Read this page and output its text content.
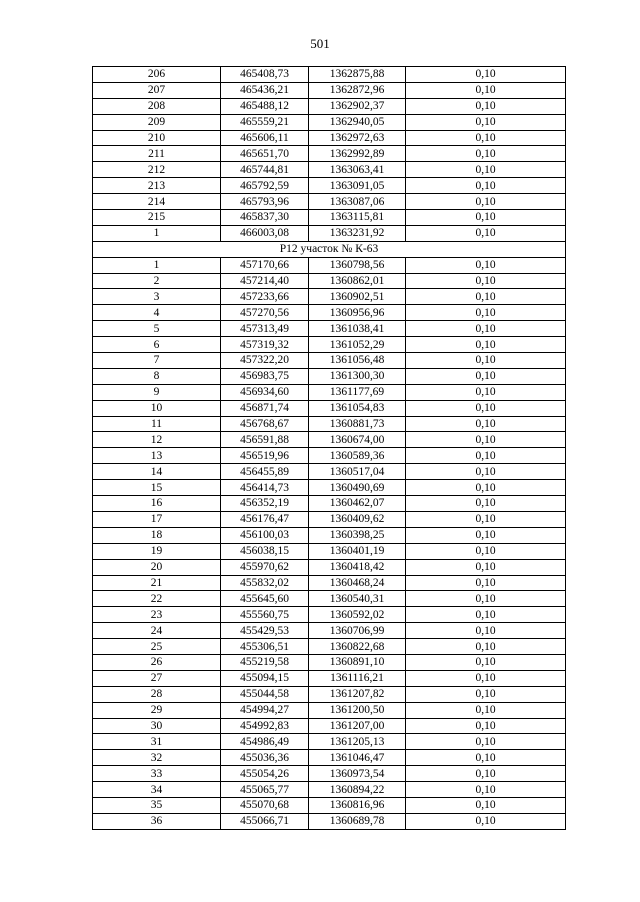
501
206	465408,73	1362875,88	0,10
207	465436,21	1362872,96	0,10
208	465488,12	1362902,37	0,10
209	465559,21	1362940,05	0,10
210	465606,11	1362972,63	0,10
211	465651,70	1362992,89	0,10
212	465744,81	1363063,41	0,10
213	465792,59	1363091,05	0,10
214	465793,96	1363087,06	0,10
215	465837,30	1363115,81	0,10
1	466003,08	1363231,92	0,10
Р12 участок № К-63			
1	457170,66	1360798,56	0,10
2	457214,40	1360862,01	0,10
3	457233,66	1360902,51	0,10
4	457270,56	1360956,96	0,10
5	457313,49	1361038,41	0,10
6	457319,32	1361052,29	0,10
7	457322,20	1361056,48	0,10
8	456983,75	1361300,30	0,10
9	456934,60	1361177,69	0,10
10	456871,74	1361054,83	0,10
11	456768,67	1360881,73	0,10
12	456591,88	1360674,00	0,10
13	456519,96	1360589,36	0,10
14	456455,89	1360517,04	0,10
15	456414,73	1360490,69	0,10
16	456352,19	1360462,07	0,10
17	456176,47	1360409,62	0,10
18	456100,03	1360398,25	0,10
19	456038,15	1360401,19	0,10
20	455970,62	1360418,42	0,10
21	455832,02	1360468,24	0,10
22	455645,60	1360540,31	0,10
23	455560,75	1360592,02	0,10
24	455429,53	1360706,99	0,10
25	455306,51	1360822,68	0,10
26	455219,58	1360891,10	0,10
27	455094,15	1361116,21	0,10
28	455044,58	1361207,82	0,10
29	454994,27	1361200,50	0,10
30	454992,83	1361207,00	0,10
31	454986,49	1361205,13	0,10
32	455036,36	1361046,47	0,10
33	455054,26	1360973,54	0,10
34	455065,77	1360894,22	0,10
35	455070,68	1360816,96	0,10
36	455066,71	1360689,78	0,10
